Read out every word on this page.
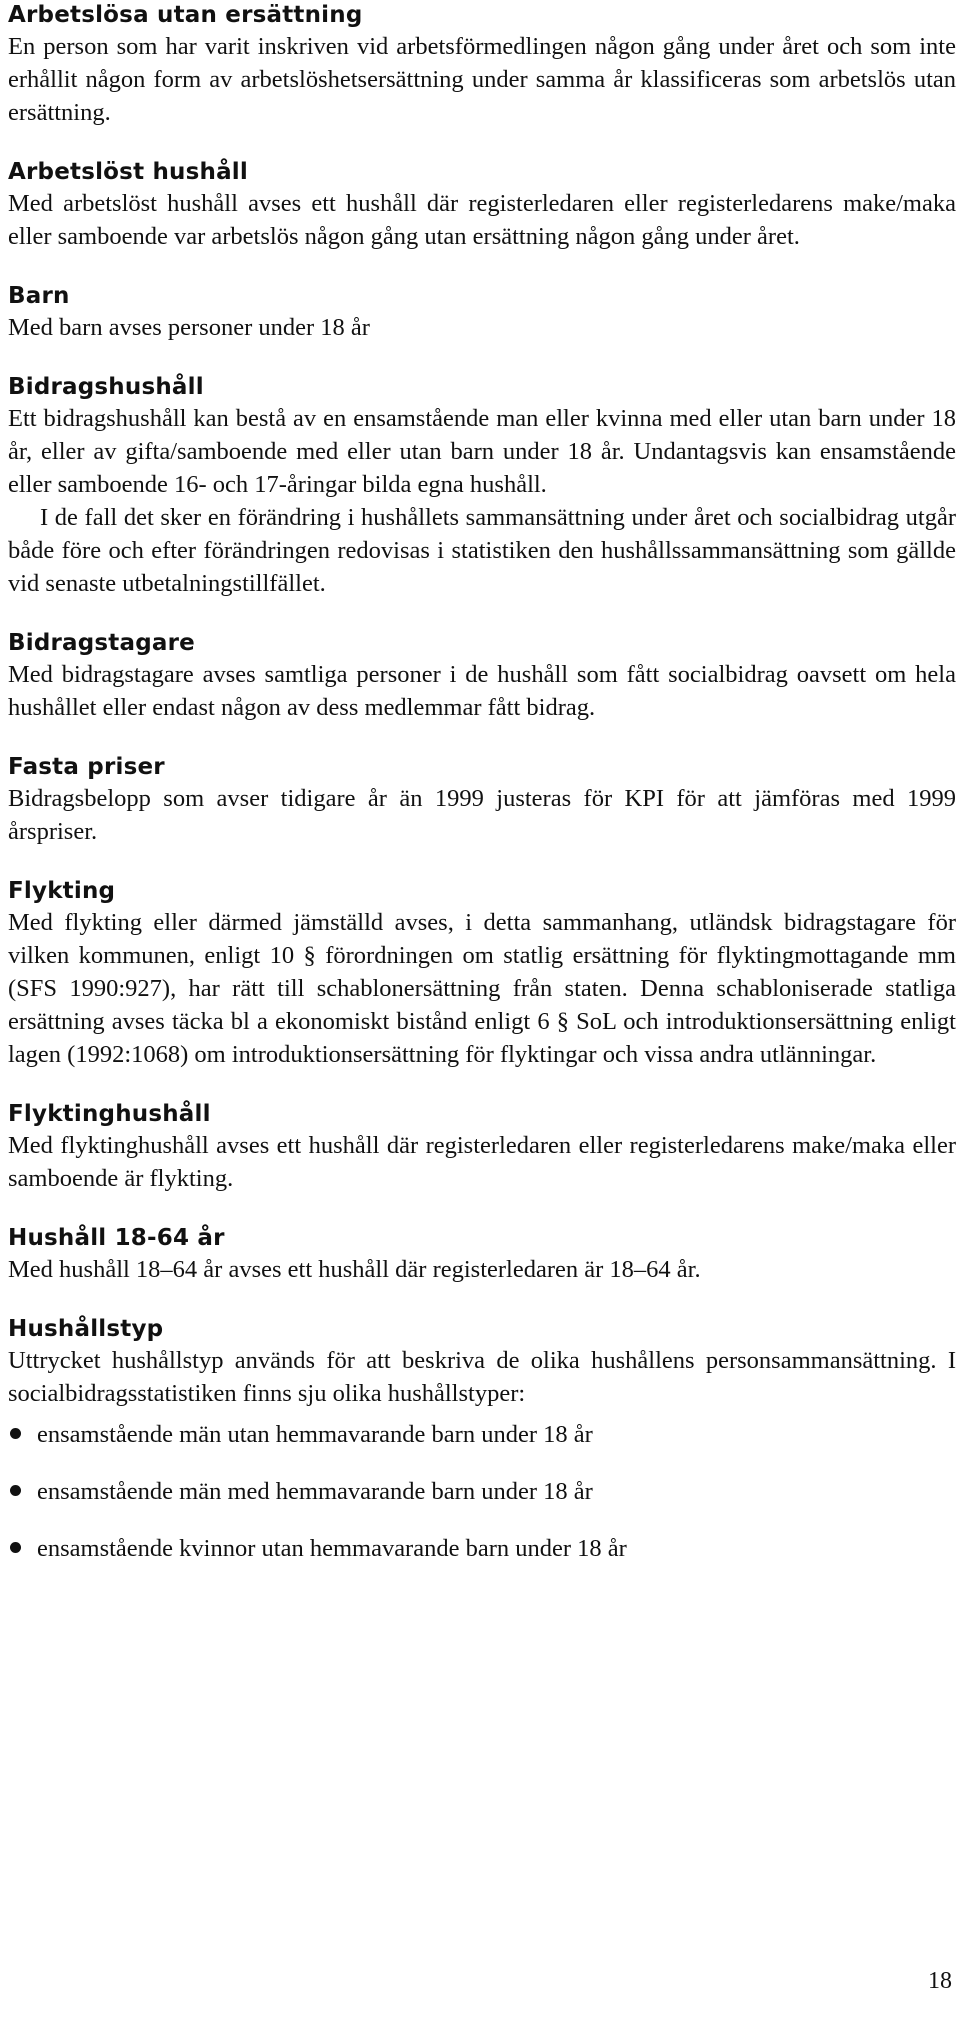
Arbetslösa utan ersättning

En person som har varit inskriven vid arbetsförmedlingen någon gång under året och som inte erhållit någon form av arbetslöshetsersättning under samma år klassificeras som arbetslös utan ersättning.

Arbetslöst hushåll

Med arbetslöst hushåll avses ett hushåll där registerledaren eller registerledarens make/maka eller samboende var arbetslös någon gång utan ersättning någon gång under året.

Barn

Med barn avses personer under 18 år

Bidragshushåll

Ett bidragshushåll kan bestå av en ensamstående man eller kvinna med eller utan barn under 18 år, eller av gifta/samboende med eller utan barn under 18 år. Undantagsvis kan ensamstående eller samboende 16- och 17-åringar bilda egna hushåll.

I de fall det sker en förändring i hushållets sammansättning under året och socialbidrag utgår både före och efter förändringen redovisas i statistiken den hushållssammansättning som gällde vid senaste utbetalningstillfället.

Bidragstagare

Med bidragstagare avses samtliga personer i de hushåll som fått socialbidrag oavsett om hela hushållet eller endast någon av dess medlemmar fått bidrag.

Fasta priser

Bidragsbelopp som avser tidigare år än 1999 justeras för KPI för att jämföras med 1999 årspriser.

Flykting

Med flykting eller därmed jämställd avses, i detta sammanhang, utländsk bidragstagare för vilken kommunen, enligt 10 § förordningen om statlig ersättning för flyktingmottagande mm (SFS 1990:927), har rätt till schablonersättning från staten. Denna schabloniserade statliga ersättning avses täcka bl a ekonomiskt bistånd enligt 6 § SoL och introduktionsersättning enligt lagen (1992:1068) om introduktionsersättning för flyktingar och vissa andra utlänningar.

Flyktinghushåll

Med flyktinghushåll avses ett hushåll där registerledaren eller registerledarens make/maka eller samboende är flykting.

Hushåll 18-64 år

Med hushåll 18–64 år avses ett hushåll där registerledaren är 18–64 år.

Hushållstyp

Uttrycket hushållstyp används för att beskriva de olika hushållens personsammansättning. I socialbidragsstatistiken finns sju olika hushållstyper:

ensamstående män utan hemmavarande barn under 18 år
ensamstående män med hemmavarande barn under 18 år
ensamstående kvinnor utan hemmavarande barn under 18 år
18
